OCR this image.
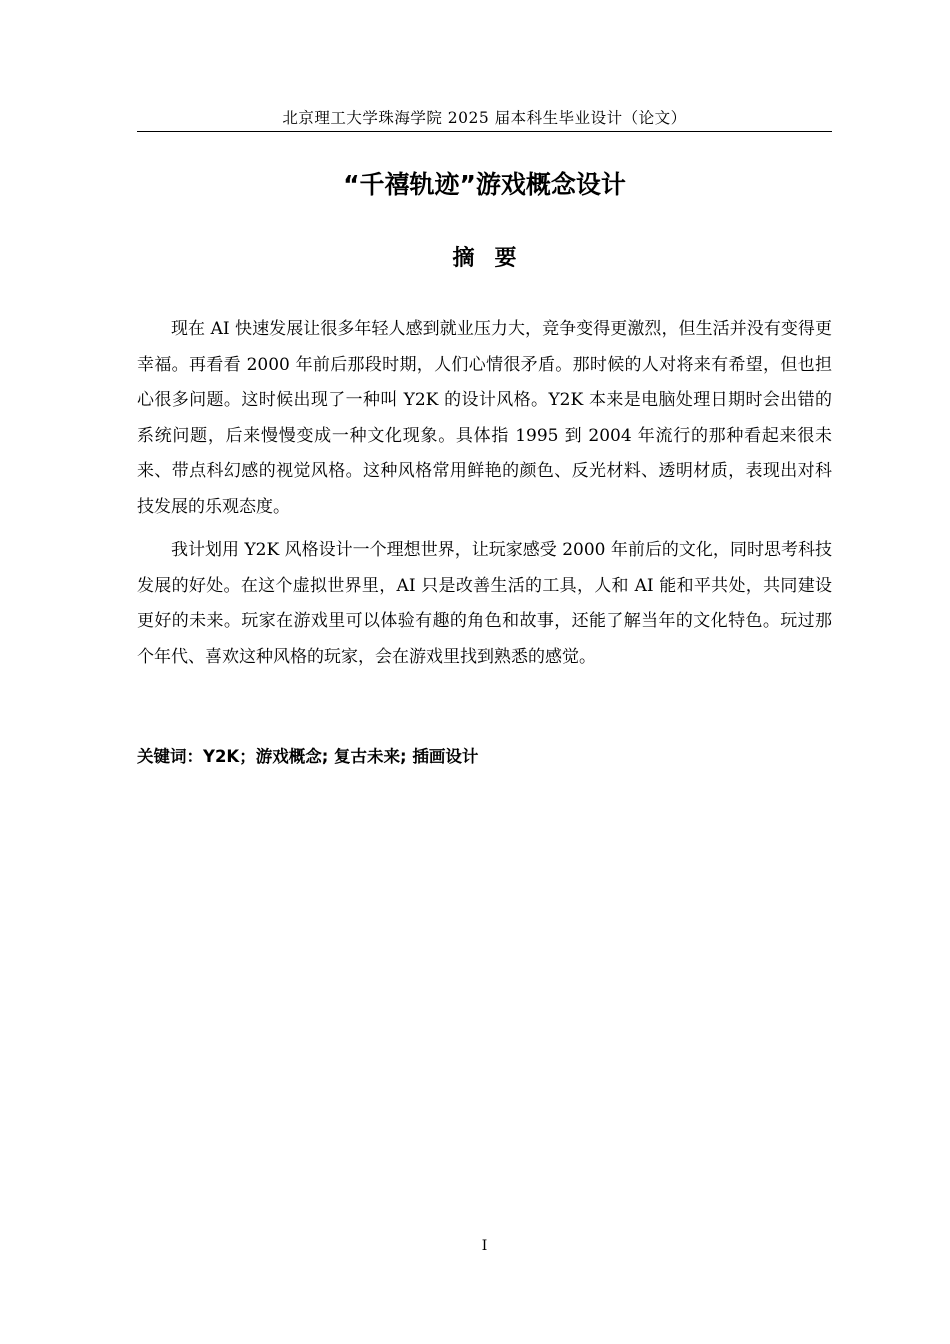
北京理工大学珠海学院 2025 届本科生毕业设计（论文）
“千禧轨迹”游戏概念设计
摘要

现在 AI 快速发展让很多年轻人感到就业压力大，竞争变得更激烈，但生活并没有变得更幸福。再看看 2000 年前后那段时期，人们心情很矛盾。那时候的人对将来有希望，但也担心很多问题。这时候出现了一种叫 Y2K 的设计风格。Y2K 本来是电脑处理日期时会出错的系统问题，后来慢慢变成一种文化现象。具体指 1995 到 2004 年流行的那种看起来很未来、带点科幻感的视觉风格。这种风格常用鲜艳的颜色、反光材料、透明材质，表现出对科技发展的乐观态度。

我计划用 Y2K 风格设计一个理想世界，让玩家感受 2000 年前后的文化，同时思考科技发展的好处。在这个虚拟世界里，AI 只是改善生活的工具，人和 AI 能和平共处，共同建设更好的未来。玩家在游戏里可以体验有趣的角色和故事，还能了解当年的文化特色。玩过那个年代、喜欢这种风格的玩家，会在游戏里找到熟悉的感觉。

关键词：Y2K；游戏概念; 复古未来; 插画设计
I
